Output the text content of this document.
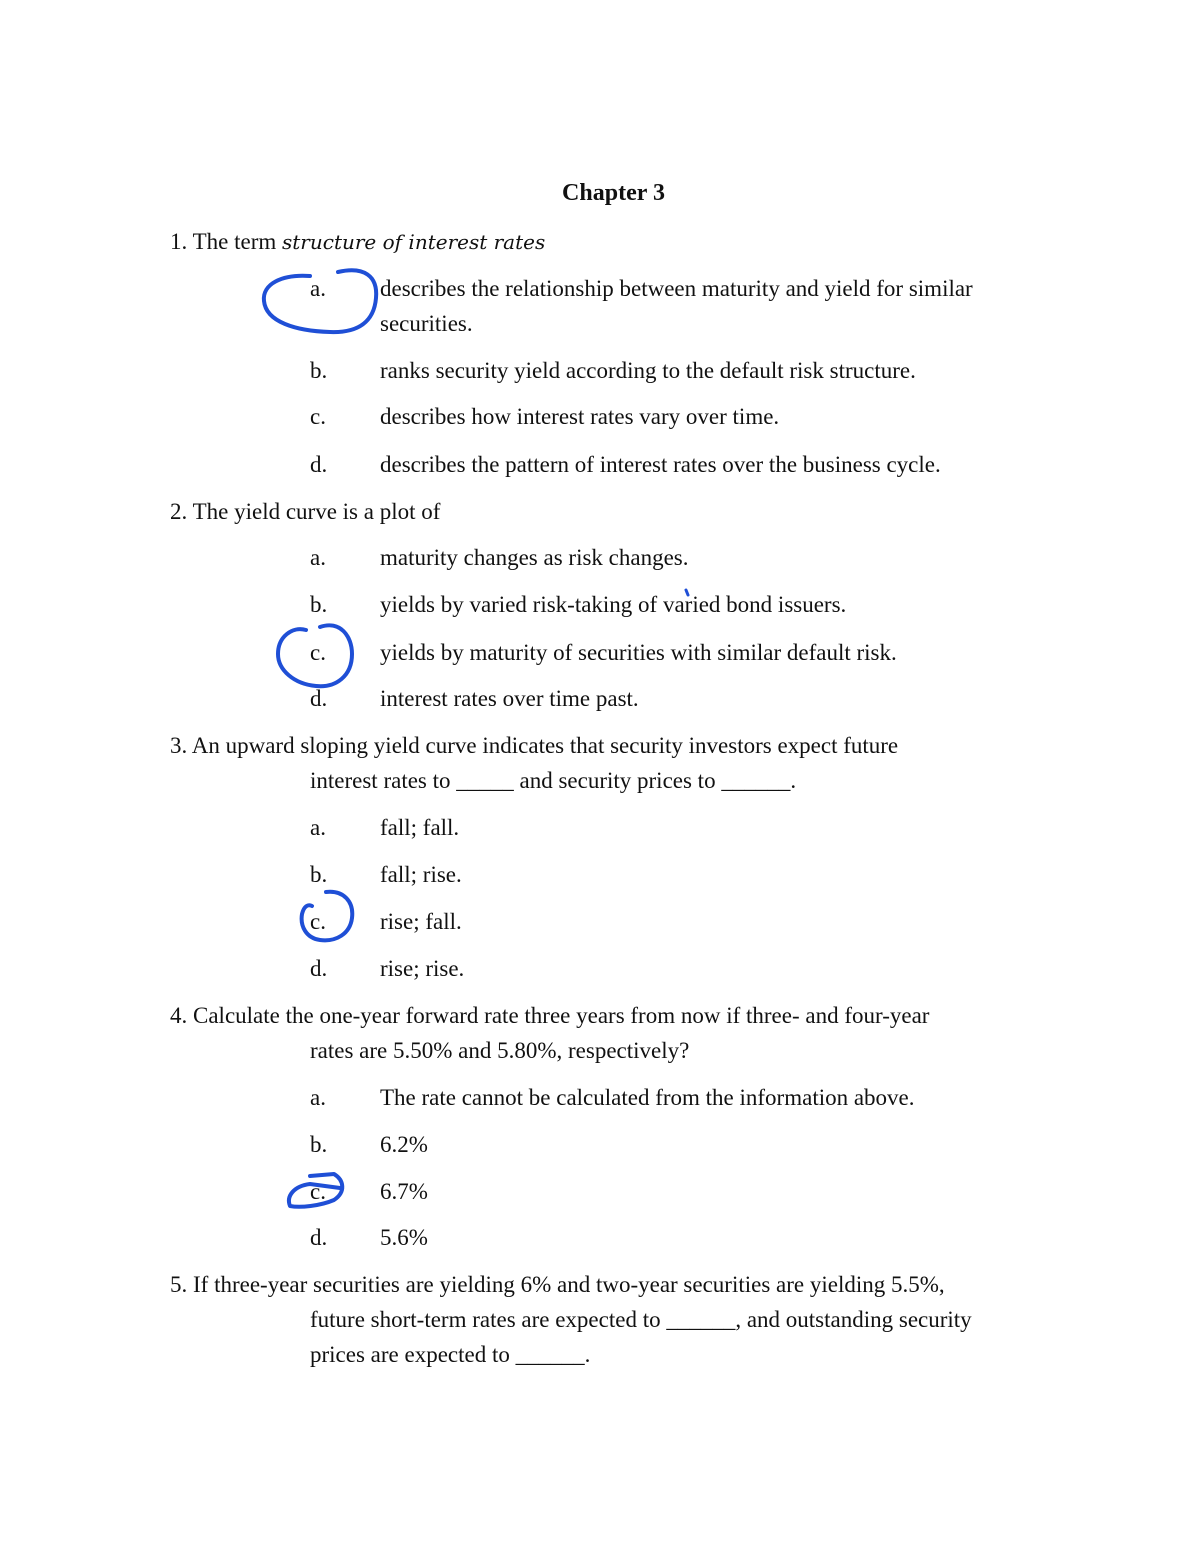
Chapter 3
1. The term structure of interest rates
a. describes the relationship between maturity and yield for similar securities.
b. ranks security yield according to the default risk structure.
c. describes how interest rates vary over time.
d. describes the pattern of interest rates over the business cycle.
2. The yield curve is a plot of
a. maturity changes as risk changes.
b. yields by varied risk-taking of varied bond issuers.
c. yields by maturity of securities with similar default risk.
d. interest rates over time past.
3. An upward sloping yield curve indicates that security investors expect future
interest rates to _____ and security prices to ______.
a. fall; fall.
b. fall; rise.
c. rise; fall.
d. rise; rise.
4. Calculate the one-year forward rate three years from now if three- and four-year
rates are 5.50% and 5.80%, respectively?
a. The rate cannot be calculated from the information above.
b. 6.2%
c. 6.7%
d. 5.6%
5. If three-year securities are yielding 6% and two-year securities are yielding 5.5%,
future short-term rates are expected to ______, and outstanding security
prices are expected to ______.
